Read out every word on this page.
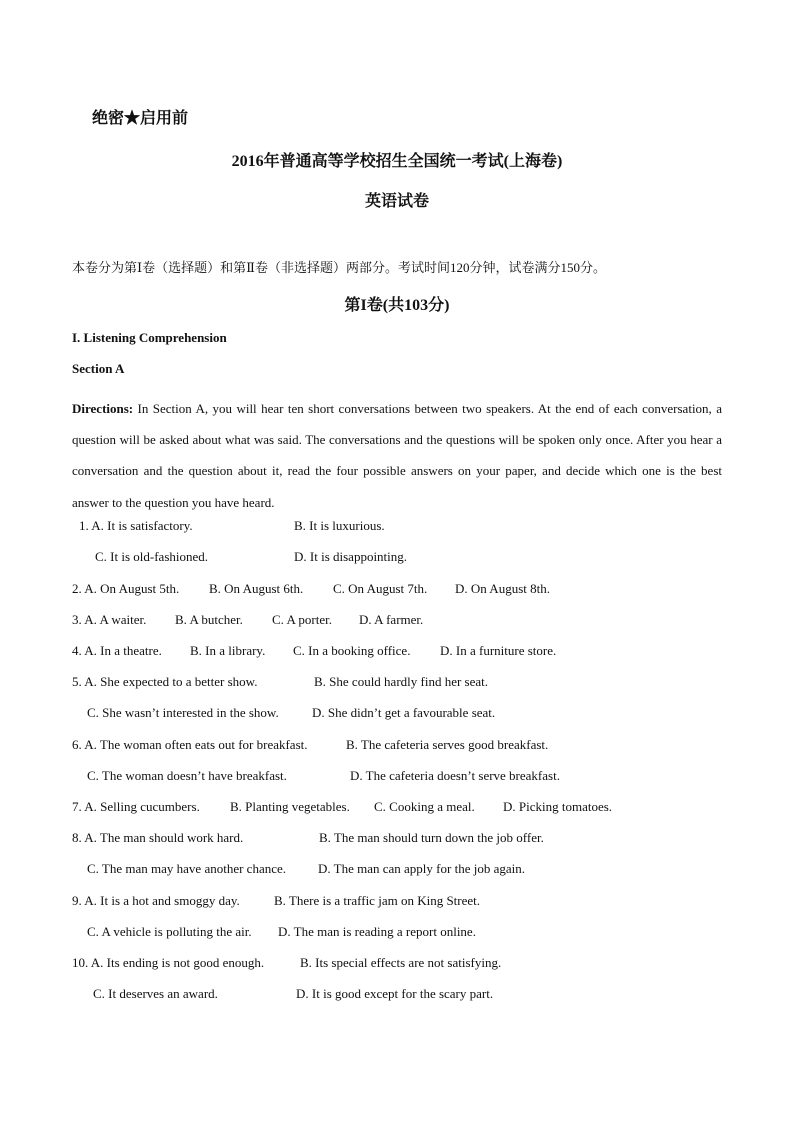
绝密★启用前
2016年普通高等学校招生全国统一考试(上海卷)
英语试卷
本卷分为第Ⅰ卷（选择题）和第Ⅱ卷（非选择题）两部分。考试时间120分钟，试卷满分150分。
第I卷(共103分)
I. Listening Comprehension
Section A
Directions: In Section A, you will hear ten short conversations between two speakers. At the end of each conversation, a question will be asked about what was said. The conversations and the questions will be spoken only once. After you hear a conversation and the question about it, read the four possible answers on your paper, and decide which one is the best answer to the question you have heard.
1. A. It is satisfactory.	B. It is luxurious.
C. It is old-fashioned.	D. It is disappointing.
2. A. On August 5th. B. On August 6th. C. On August 7th. D. On August 8th.
3. A. A waiter. B. A butcher. C. A porter. D. A farmer.
4. A. In a theatre. B. In a library. C. In a booking office. D. In a furniture store.
5. A. She expected to a better show.	B. She could hardly find her seat.
C. She wasn’t interested in the show.	D. She didn’t get a favourable seat.
6. A. The woman often eats out for breakfast.	B. The cafeteria serves good breakfast.
C. The woman doesn’t have breakfast.	D. The cafeteria doesn’t serve breakfast.
7. A. Selling cucumbers. B. Planting vegetables. C. Cooking a meal. D. Picking tomatoes.
8. A. The man should work hard.	B. The man should turn down the job offer.
C. The man may have another chance. D. The man can apply for the job again.
9. A. It is a hot and smoggy day.	B. There is a traffic jam on King Street.
C. A vehicle is polluting the air. D. The man is reading a report online.
10. A. Its ending is not good enough.	B. Its special effects are not satisfying.
C. It deserves an award.	D. It is good except for the scary part.
